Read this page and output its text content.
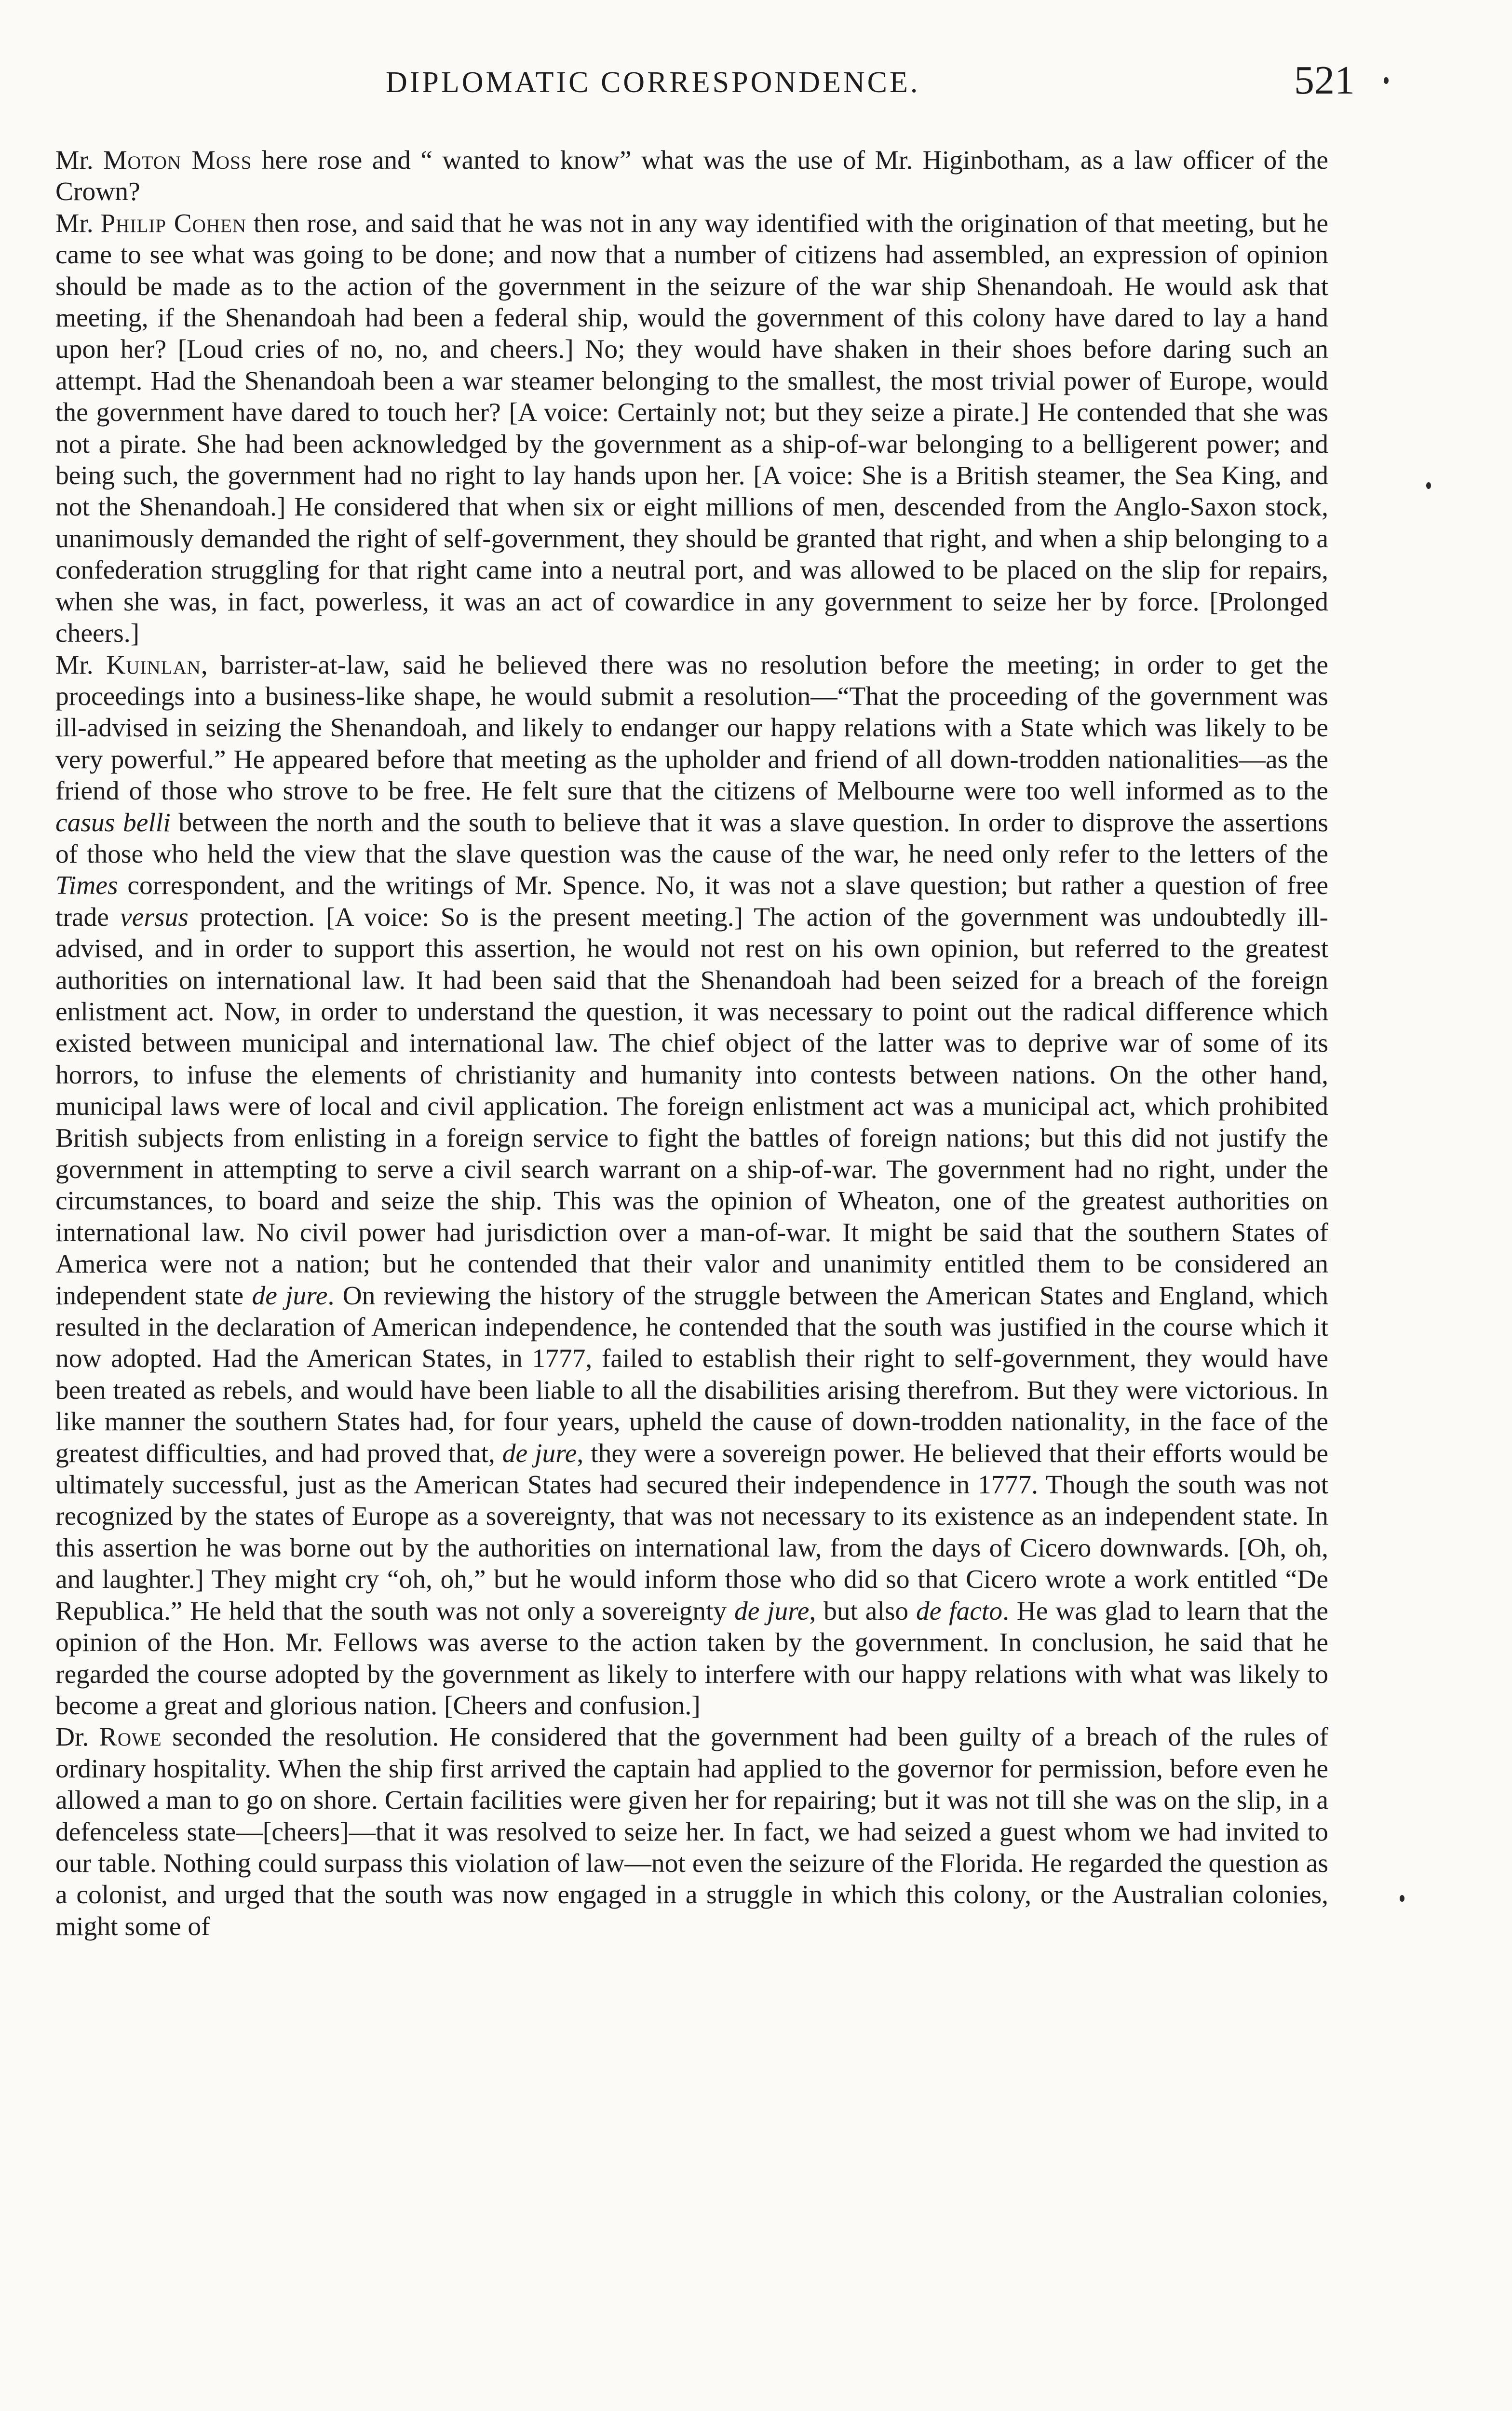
DIPLOMATIC CORRESPONDENCE.	521

Mr. Moton Moss here rose and “ wanted to know” what was the use of Mr. Higinbotham, as a law officer of the Crown?

Mr. Philip Cohen then rose, and said that he was not in any way identified with the origination of that meeting, but he came to see what was going to be done; and now that a number of citizens had assembled, an expression of opinion should be made as to the action of the government in the seizure of the war ship Shenandoah. He would ask that meeting, if the Shenandoah had been a federal ship, would the government of this colony have dared to lay a hand upon her? [Loud cries of no, no, and cheers.] No; they would have shaken in their shoes before daring such an attempt. Had the Shenandoah been a war steamer belonging to the smallest, the most trivial power of Europe, would the government have dared to touch her? [A voice: Certainly not; but they seize a pirate.] He contended that she was not a pirate. She had been acknowledged by the government as a ship-of-war belonging to a belligerent power; and being such, the government had no right to lay hands upon her. [A voice: She is a British steamer, the Sea King, and not the Shenandoah.] He considered that when six or eight millions of men, descended from the Anglo-Saxon stock, unanimously demanded the right of self-government, they should be granted that right, and when a ship belonging to a confederation struggling for that right came into a neutral port, and was allowed to be placed on the slip for repairs, when she was, in fact, powerless, it was an act of cowardice in any government to seize her by force. [Prolonged cheers.]

Mr. Kuinlan, barrister-at-law, said he believed there was no resolution before the meeting; in order to get the proceedings into a business-like shape, he would submit a resolution—“That the proceeding of the government was ill-advised in seizing the Shenandoah, and likely to endanger our happy relations with a State which was likely to be very powerful.” He appeared before that meeting as the upholder and friend of all down-trodden nationalities—as the friend of those who strove to be free. He felt sure that the citizens of Melbourne were too well informed as to the casus belli between the north and the south to believe that it was a slave question. In order to disprove the assertions of those who held the view that the slave question was the cause of the war, he need only refer to the letters of the Times correspondent, and the writings of Mr. Spence. No, it was not a slave question; but rather a question of free trade versus protection. [A voice: So is the present meeting.] The action of the government was undoubtedly ill-advised, and in order to support this assertion, he would not rest on his own opinion, but referred to the greatest authorities on international law. It had been said that the Shenandoah had been seized for a breach of the foreign enlistment act. Now, in order to understand the question, it was necessary to point out the radical difference which existed between municipal and international law. The chief object of the latter was to deprive war of some of its horrors, to infuse the elements of christianity and humanity into contests between nations. On the other hand, municipal laws were of local and civil application. The foreign enlistment act was a municipal act, which prohibited British subjects from enlisting in a foreign service to fight the battles of foreign nations; but this did not justify the government in attempting to serve a civil search warrant on a ship-of-war. The government had no right, under the circumstances, to board and seize the ship. This was the opinion of Wheaton, one of the greatest authorities on international law. No civil power had jurisdiction over a man-of-war. It might be said that the southern States of America were not a nation; but he contended that their valor and unanimity entitled them to be considered an independent state de jure. On reviewing the history of the struggle between the American States and England, which resulted in the declaration of American independence, he contended that the south was justified in the course which it now adopted. Had the American States, in 1777, failed to establish their right to self-government, they would have been treated as rebels, and would have been liable to all the disabilities arising therefrom. But they were victorious. In like manner the southern States had, for four years, upheld the cause of down-trodden nationality, in the face of the greatest difficulties, and had proved that, de jure, they were a sovereign power. He believed that their efforts would be ultimately successful, just as the American States had secured their independence in 1777. Though the south was not recognized by the states of Europe as a sovereignty, that was not necessary to its existence as an independent state. In this assertion he was borne out by the authorities on international law, from the days of Cicero downwards. [Oh, oh, and laughter.] They might cry “oh, oh,” but he would inform those who did so that Cicero wrote a work entitled “De Republica.” He held that the south was not only a sovereignty de jure, but also de facto. He was glad to learn that the opinion of the Hon. Mr. Fellows was averse to the action taken by the government. In conclusion, he said that he regarded the course adopted by the government as likely to interfere with our happy relations with what was likely to become a great and glorious nation. [Cheers and confusion.]

Dr. Rowe seconded the resolution. He considered that the government had been guilty of a breach of the rules of ordinary hospitality. When the ship first arrived the captain had applied to the governor for permission, before even he allowed a man to go on shore. Certain facilities were given her for repairing; but it was not till she was on the slip, in a defenceless state—[cheers]—that it was resolved to seize her. In fact, we had seized a guest whom we had invited to our table. Nothing could surpass this violation of law—not even the seizure of the Florida. He regarded the question as a colonist, and urged that the south was now engaged in a struggle in which this colony, or the Australian colonies, might some of
